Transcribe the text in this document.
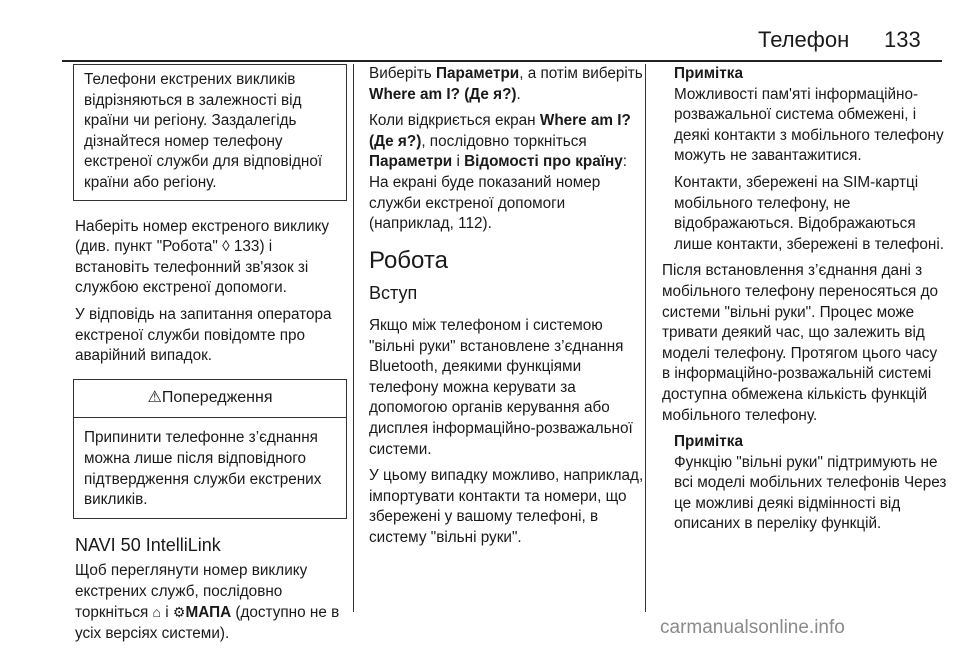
Телефон 133
Телефони екстрених викликів відрізняються в залежності від країни чи регіону. Заздалегідь дізнайтеся номер телефону екстреної служби для відповідної країни або регіону.

Наберіть номер екстреного виклику (див. пункт "Робота" ◊ 133) і встановіть телефонний зв'язок зі службою екстреної допомоги.

У відповідь на запитання оператора екстреної служби повідомте про аварійний випадок.

⚠Попередження
Припинити телефонне з’єднання можна лише після відповідного підтвердження служби екстрених викликів.
NAVI 50 IntelliLink

Щоб переглянути номер виклику екстрених служб, послідовно торкніться ⌂ і ⚙МАПА (доступно не в усіх версіях системи).

Виберіть Параметри, а потім виберіть Where am I? (Де я?).

Коли відкриється екран Where am I? (Де я?), послідовно торкніться Параметри і Відомості про країну: На екрані буде показаний номер служби екстреної допомоги (наприклад, 112).

Робота
Вступ

Якщо між телефоном і системою "вільні руки" встановлене з’єднання Bluetooth, деякими функціями телефону можна керувати за допомогою органів керування або дисплея інформаційно-розважальної системи.

У цьому випадку можливо, наприклад, імпортувати контакти та номери, що збережені у вашому телефоні, в систему "вільні руки".

Примітка

Можливості пам'яті інформаційно-розважальної система обмежені, і деякі контакти з мобільного телефону можуть не завантажитися.

Контакти, збережені на SIM-картці мобільного телефону, не відображаються. Відображаються лише контакти, збережені в телефоні.

Після встановлення з’єднання дані з мобільного телефону переносяться до системи "вільні руки". Процес може тривати деякий час, що залежить від моделі телефону. Протягом цього часу в інформаційно-розважальній системі доступна обмежена кількість функцій мобільного телефону.

Примітка

Функцію "вільні руки" підтримують не всі моделі мобільних телефонів Через це можливі деякі відмінності від описаних в переліку функцій.

carmanualsonline.info
